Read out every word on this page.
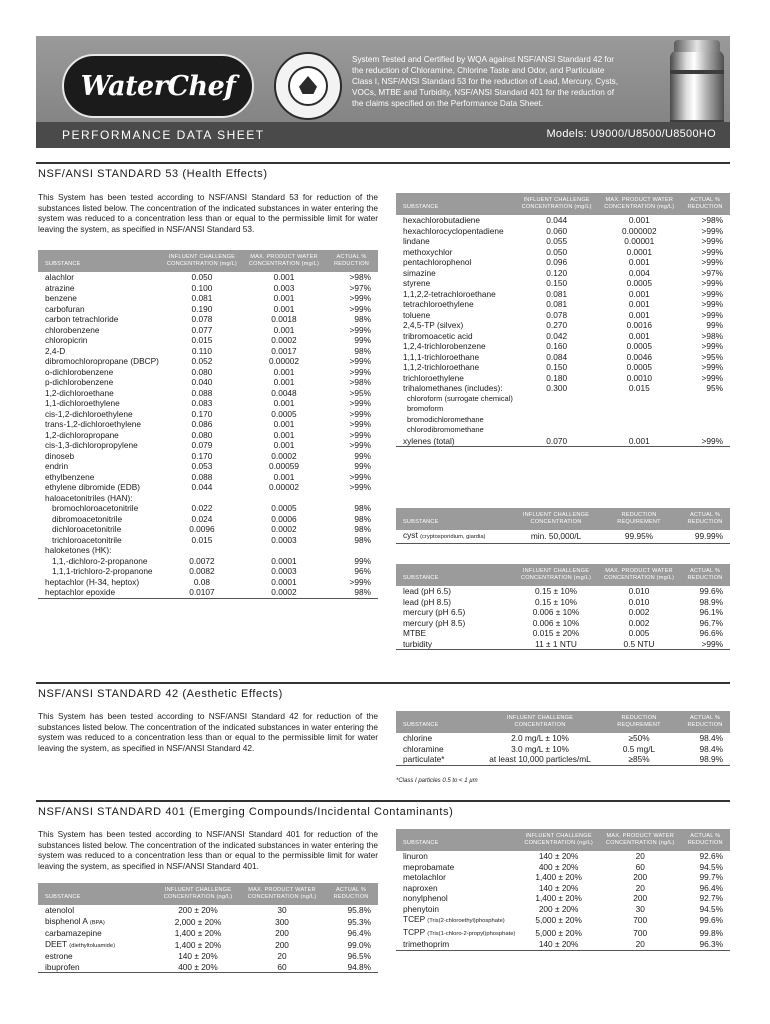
WaterChef
System Tested and Certified by WQA against NSF/ANSI Standard 42 for the reduction of Chloramine, Chlorine Taste and Odor, and Particulate Class I, NSF/ANSI Standard 53 for the reduction of Lead, Mercury, Cysts, VOCs, MTBE and Turbidity, NSF/ANSI Standard 401 for the reduction of the claims specified on the Performance Data Sheet.
PERFORMANCE DATA SHEET	Models: U9000/U8500/U8500HO
NSF/ANSI STANDARD 53 (Health Effects)
This System has been tested according to NSF/ANSI Standard 53 for reduction of the substances listed below. The concentration of the indicated substances in water entering the system was reduced to a concentration less than or equal to the permissible limit for water leaving the system, as specified in NSF/ANSI Standard 53.
SUBSTANCE	INFLUENT CHALLENGE
CONCENTRATION (mg/L)	MAX. PRODUCT WATER
CONCENTRATION (mg/L)	ACTUAL %
REDUCTION
alachlor	0.050	0.001	>98%
atrazine	0.100	0.003	>97%
benzene	0.081	0.001	>99%
carbofuran	0.190	0.001	>99%
carbon tetrachloride	0.078	0.0018	98%
chlorobenzene	0.077	0.001	>99%
chloropicrin	0.015	0.0002	99%
2,4-D	0.110	0.0017	98%
dibromochloropropane (DBCP)	0.052	0.00002	>99%
o-dichlorobenzene	0.080	0.001	>99%
p-dichlorobenzene	0.040	0.001	>98%
1,2-dichloroethane	0.088	0.0048	>95%
1,1-dichloroethylene	0.083	0.001	>99%
cis-1,2-dichloroethylene	0.170	0.0005	>99%
trans-1,2-dichloroethylene	0.086	0.001	>99%
1,2-dichloropropane	0.080	0.001	>99%
cis-1,3-dichloropropylene	0.079	0.001	>99%
dinoseb	0.170	0.0002	99%
endrin	0.053	0.00059	99%
ethylbenzene	0.088	0.001	>99%
ethylene dibromide (EDB)	0.044	0.00002	>99%
haloacetonitriles (HAN):			
bromochloroacetonitrile	0.022	0.0005	98%
dibromoacetonitrile	0.024	0.0006	98%
dichloroacetonitrile	0.0096	0.0002	98%
trichloroacetonitrile	0.015	0.0003	98%
haloketones (HK):			
1,1,-dichloro-2-propanone	0.0072	0.0001	99%
1,1,1-trichloro-2-propanone	0.0082	0.0003	96%
heptachlor (H-34, heptox)	0.08	0.0001	>99%
heptachlor epoxide	0.0107	0.0002	98%
SUBSTANCE	INFLUENT CHALLENGE
CONCENTRATION (mg/L)	MAX. PRODUCT WATER
CONCENTRATION (mg/L)	ACTUAL %
REDUCTION
hexachlorobutadiene	0.044	0.001	>98%
hexachlorocyclopentadiene	0.060	0.000002	>99%
lindane	0.055	0.00001	>99%
methoxychlor	0.050	0.0001	>99%
pentachlorophenol	0.096	0.001	>99%
simazine	0.120	0.004	>97%
styrene	0.150	0.0005	>99%
1,1,2,2-tetrachloroethane	0.081	0.001	>99%
tetrachloroethylene	0.081	0.001	>99%
toluene	0.078	0.001	>99%
2,4,5-TP (silvex)	0.270	0.0016	99%
tribromoacetic acid	0.042	0.001	>98%
1,2,4-trichlorobenzene	0.160	0.0005	>99%
1,1,1-trichloroethane	0.084	0.0046	>95%
1,1,2-trichloroethane	0.150	0.0005	>99%
trichloroethylene	0.180	0.0010	>99%
trihalomethanes (includes):	0.300	0.015	95%
chloroform (surrogate chemical)			
bromoform			
bromodichloromethane			
chlorodibromomethane			
xylenes (total)	0.070	0.001	>99%
SUBSTANCE	INFLUENT CHALLENGE
CONCENTRATION	REDUCTION
REQUIREMENT	ACTUAL %
REDUCTION
cyst (cryptosporidium, giardia)	min. 50,000/L	99.95%	99.99%
SUBSTANCE	INFLUENT CHALLENGE
CONCENTRATION (mg/L)	MAX. PRODUCT WATER
CONCENTRATION (mg/L)	ACTUAL %
REDUCTION
lead (pH 6.5)	0.15 ± 10%	0.010	99.6%
lead (pH 8.5)	0.15 ± 10%	0.010	98.9%
mercury (pH 6.5)	0.006 ± 10%	0.002	96.1%
mercury (pH 8.5)	0.006 ± 10%	0.002	96.7%
MTBE	0.015 ± 20%	0.005	96.6%
turbidity	11 ± 1 NTU	0.5 NTU	>99%
NSF/ANSI STANDARD 42 (Aesthetic Effects)
This System has been tested according to NSF/ANSI Standard 42 for reduction of the substances listed below. The concentration of the indicated substances in water entering the system was reduced to a concentration less than or equal to the permissible limit for water leaving the system, as specified in NSF/ANSI Standard 42.
SUBSTANCE	INFLUENT CHALLENGE
CONCENTRATION	REDUCTION
REQUIREMENT	ACTUAL %
REDUCTION
chlorine	2.0 mg/L ± 10%	≥50%	98.4%
chloramine	3.0 mg/L ± 10%	0.5 mg/L	98.4%
particulate*	at least 10,000 particles/mL	≥85%	98.9%
*Class I particles 0.5 to < 1 µm
NSF/ANSI STANDARD 401 (Emerging Compounds/Incidental Contaminants)
This System has been tested according to NSF/ANSI Standard 401 for reduction of the substances listed below. The concentration of the indicated substances in water entering the system was reduced to a concentration less than or equal to the permissible limit for water leaving the system, as specified in NSF/ANSI Standard 401.
SUBSTANCE	INFLUENT CHALLENGE
CONCENTRATION (ng/L)	MAX. PRODUCT WATER
CONCENTRATION (ng/L)	ACTUAL %
REDUCTION
atenolol	200 ± 20%	30	95.8%
bisphenol A (BPA)	2,000 ± 20%	300	95.3%
carbamazepine	1,400 ± 20%	200	96.4%
DEET (diethyltoluamide)	1,400 ± 20%	200	99.0%
estrone	140 ± 20%	20	96.5%
ibuprofen	400 ± 20%	60	94.8%
SUBSTANCE	INFLUENT CHALLENGE
CONCENTRATION (ng/L)	MAX. PRODUCT WATER
CONCENTRATION (ng/L)	ACTUAL %
REDUCTION
linuron	140 ± 20%	20	92.6%
meprobamate	400 ± 20%	60	94.5%
metolachlor	1,400 ± 20%	200	99.7%
naproxen	140 ± 20%	20	96.4%
nonylphenol	1,400 ± 20%	200	92.7%
phenytoin	200 ± 20%	30	94.5%
TCEP (Tris(2-chloroethyl)phosphate)	5,000 ± 20%	700	99.6%
TCPP (Tris(1-chloro-2-propyl)phosphate)	5,000 ± 20%	700	99.8%
trimethoprim	140 ± 20%	20	96.3%
